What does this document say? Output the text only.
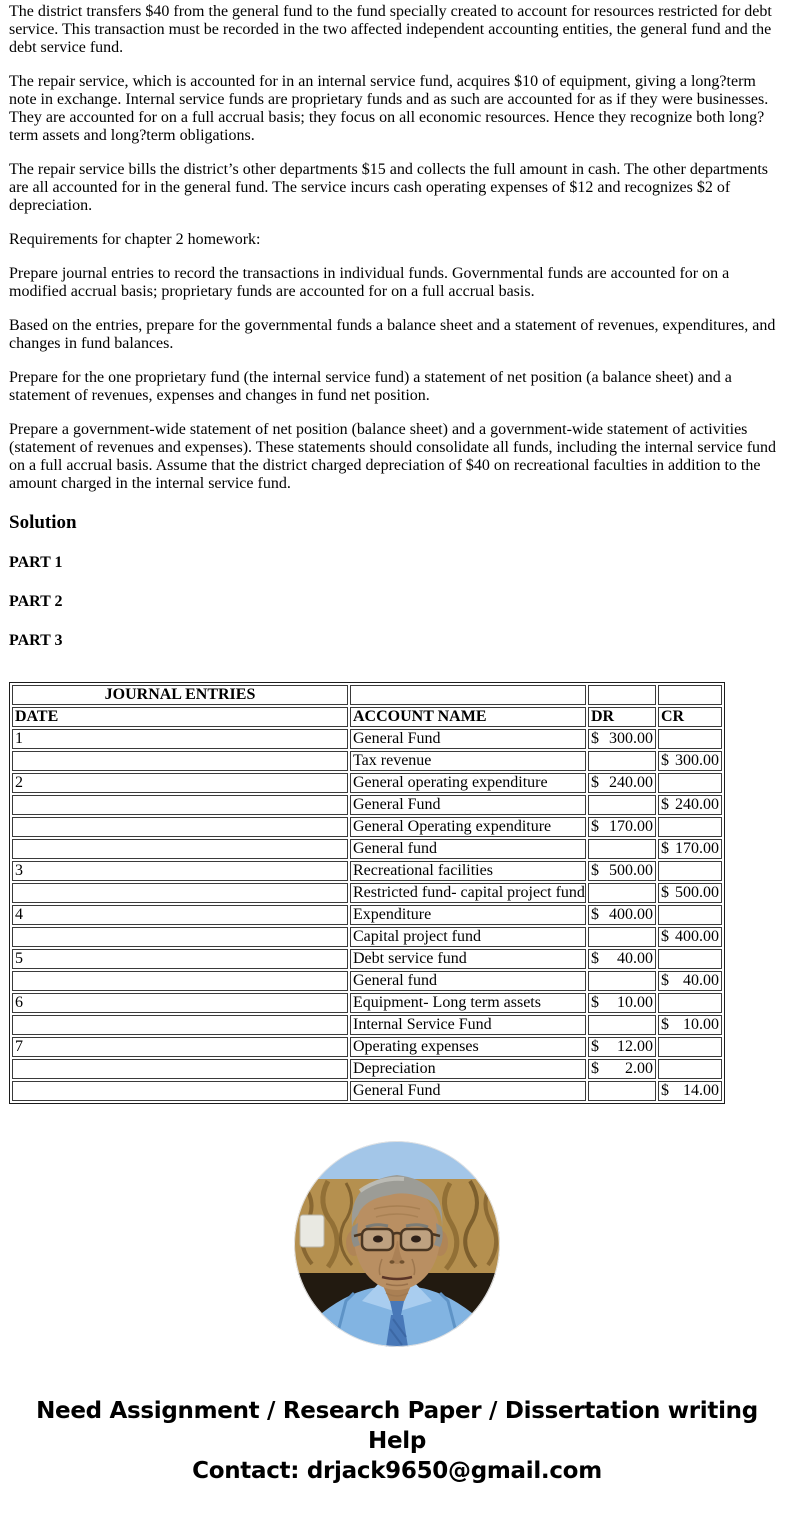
The district transfers $40 from the general fund to the fund specially created to account for resources restricted for debt service. This transaction must be recorded in the two affected independent accounting entities, the general fund and the debt service fund.

The repair service, which is accounted for in an internal service fund, acquires $10 of equipment, giving a long?term note in exchange. Internal service funds are proprietary funds and as such are accounted for as if they were businesses. They are accounted for on a full accrual basis; they focus on all economic resources. Hence they recognize both long?term assets and long?term obligations.

The repair service bills the district’s other departments $15 and collects the full amount in cash. The other departments are all accounted for in the general fund. The service incurs cash operating expenses of $12 and recognizes $2 of depreciation.

Requirements for chapter 2 homework:

Prepare journal entries to record the transactions in individual funds. Governmental funds are accounted for on a modified accrual basis; proprietary funds are accounted for on a full accrual basis.

Based on the entries, prepare for the governmental funds a balance sheet and a statement of revenues, expenditures, and changes in fund balances.

Prepare for the one proprietary fund (the internal service fund) a statement of net position (a balance sheet) and a statement of revenues, expenses and changes in fund net position.

Prepare a government-wide statement of net position (balance sheet) and a government-wide statement of activities (statement of revenues and expenses). These statements should consolidate all funds, including the internal service fund on a full accrual basis. Assume that the district charged depreciation of $40 on recreational faculties in addition to the amount charged in the internal service fund.

Solution
PART 1
PART 2
PART 3
JOURNAL ENTRIES			
DATE	ACCOUNT NAME	DR	CR
1	General Fund	$ 300.00	

	Tax revenue		$ 300.00

2	General operating expenditure	$ 240.00	

	General Fund		$ 240.00

	General Operating expenditure	$ 170.00	

	General fund		$ 170.00

3	Recreational facilities	$ 500.00	

	Restricted fund- capital project fund		$ 500.00

4	Expenditure	$ 400.00	

	Capital project fund		$ 400.00

5	Debt service fund	$ 40.00	

	General fund		$ 40.00

6	Equipment- Long term assets	$ 10.00	

	Internal Service Fund		$ 10.00

7	Operating expenses	$ 12.00	

	Depreciation	$ 2.00	

	General Fund		$ 14.00
Need Assignment / Research Paper / Dissertation writing Help
Contact: drjack9650@gmail.com
